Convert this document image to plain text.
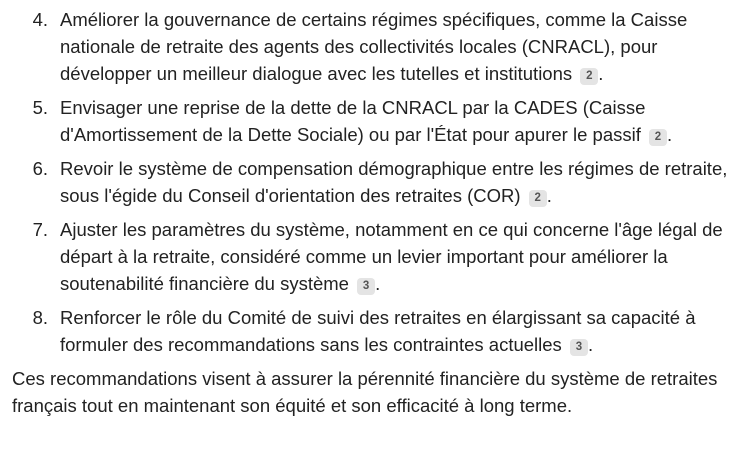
4. Améliorer la gouvernance de certains régimes spécifiques, comme la Caisse nationale de retraite des agents des collectivités locales (CNRACL), pour développer un meilleur dialogue avec les tutelles et institutions 2 .
5. Envisager une reprise de la dette de la CNRACL par la CADES (Caisse d'Amortissement de la Dette Sociale) ou par l'État pour apurer le passif 2 .
6. Revoir le système de compensation démographique entre les régimes de retraite, sous l'égide du Conseil d'orientation des retraites (COR) 2 .
7. Ajuster les paramètres du système, notamment en ce qui concerne l'âge légal de départ à la retraite, considéré comme un levier important pour améliorer la soutenabilité financière du système 3 .
8. Renforcer le rôle du Comité de suivi des retraites en élargissant sa capacité à formuler des recommandations sans les contraintes actuelles 3 .

Ces recommandations visent à assurer la pérennité financière du système de retraites français tout en maintenant son équité et son efficacité à long terme.
